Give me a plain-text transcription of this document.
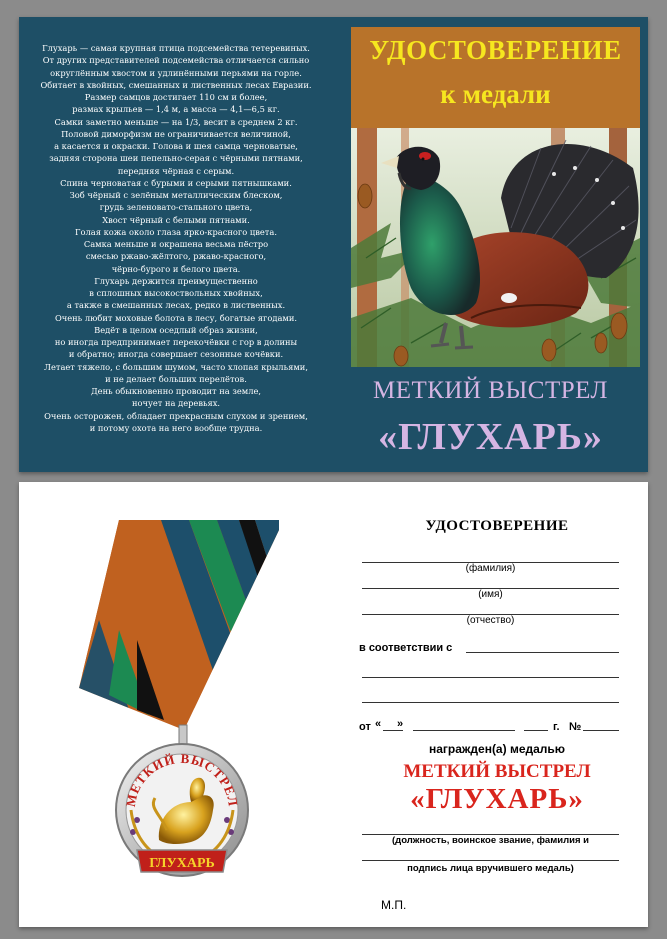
Глухарь — самая крупная птица подсемейства тетеревиных.

От других представителей подсемейства отличается сильно

округлённым хвостом и удлинёнными перьями на горле.

Обитает в хвойных, смешанных и лиственных лесах Евразии.

Размер самцов достигает 110 см и более,

размах крыльев — 1,4 м, а масса — 4,1—6,5 кг.

Самки заметно меньше — на 1/3, весит в среднем 2 кг.

Половой диморфизм не ограничивается величиной,

а касается и окраски. Голова и шея самца черноватые,

задняя сторона шеи пепельно-серая с чёрными пятнами,

передняя чёрная с серым.

Спина черноватая с бурыми и серыми пятнышками.

Зоб чёрный с зелёным металлическим блеском,

грудь зеленовато-стального цвета,

Хвост чёрный с белыми пятнами.

Голая кожа около глаза ярко-красного цвета.

Самка меньше и окрашена весьма пёстро

смесью ржаво-жёлтого, ржаво-красного,

чёрно-бурого и белого цвета.

Глухарь держится преимущественно

в сплошных высокоствольных хвойных,

а также в смешанных лесах, редко в лиственных.

Очень любит моховые болота в лесу, богатые ягодами.

Ведёт в целом оседлый образ жизни,

но иногда предпринимает перекочёвки с гор в долины

и обратно; иногда совершает сезонные кочёвки.

Летает тяжело, с большим шумом, часто хлопая крыльями,

и не делает больших перелётов.

День обыкновенно проводит на земле,

ночует на деревьях.

Очень осторожен, обладает прекрасным слухом и зрением,

и потому охота на него вообще трудна.

УДОСТОВЕРЕНИЕ
к медали
МЕТКИЙ ВЫСТРЕЛ
«ГЛУХАРЬ»
МЕТКИЙ ВЫСТРЕЛ
ГЛУХАРЬ
УДОСТОВЕРЕНИЕ
(фамилия)
(имя)
(отчество)
в соответствии с
от « »	г. №
награжден(а) медалью
МЕТКИЙ ВЫСТРЕЛ
«ГЛУХАРЬ»
(должность, воинское звание, фамилия и
подпись лица вручившего медаль)
М.П.
